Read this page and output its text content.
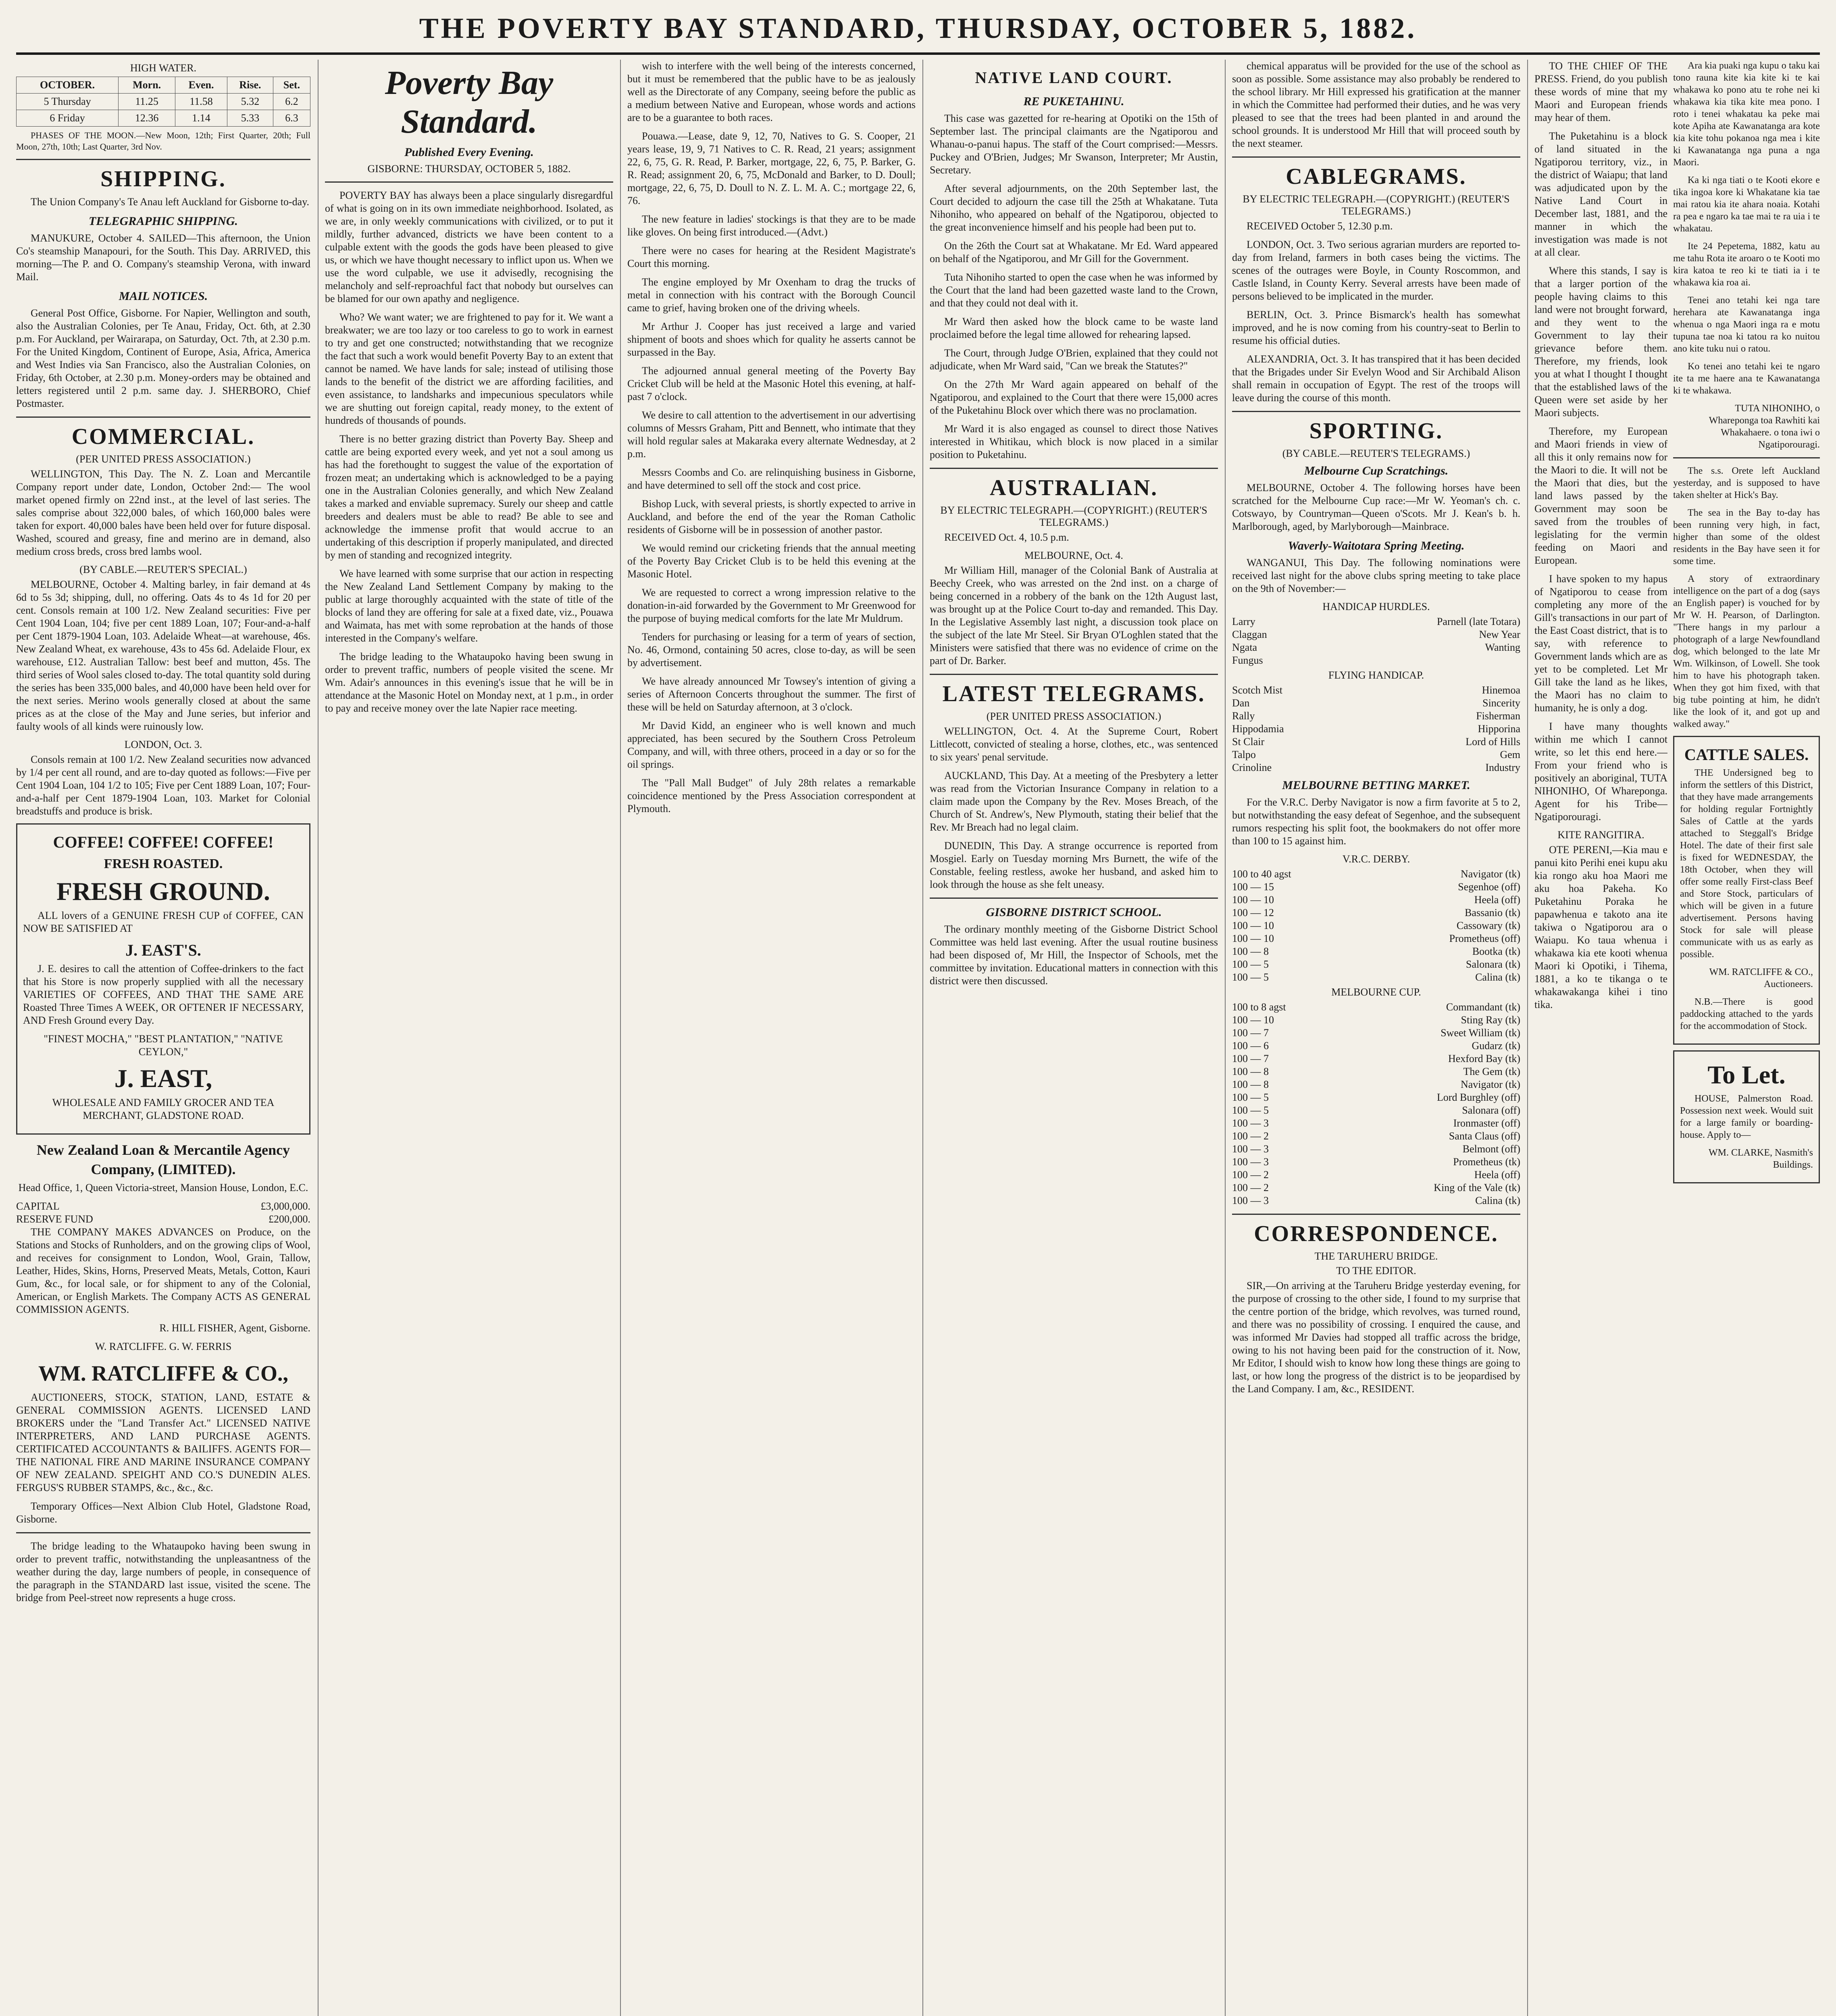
THE POVERTY BAY STANDARD, THURSDAY, OCTOBER 5, 1882.
HIGH WATER.
OCTOBER.	Morn.	Even.	Rise.	Set.
5 Thursday	11.25	11.58	5.32	6.2
6 Friday	12.36	1.14	5.33	6.3

PHASES OF THE MOON.—New Moon, 12th; First Quarter, 20th; Full Moon, 27th, 10th; Last Quarter, 3rd Nov.

SHIPPING.

The Union Company's Te Anau left Auckland for Gisborne to-day.

TELEGRAPHIC SHIPPING.

MANUKURE, October 4. SAILED—This afternoon, the Union Co's steamship Manapouri, for the South. This Day. ARRIVED, this morning—The P. and O. Company's steamship Verona, with inward Mail.

MAIL NOTICES.

General Post Office, Gisborne. For Napier, Wellington and south, also the Australian Colonies, per Te Anau, Friday, Oct. 6th, at 2.30 p.m. For Auckland, per Wairarapa, on Saturday, Oct. 7th, at 2.30 p.m. For the United Kingdom, Continent of Europe, Asia, Africa, America and West Indies via San Francisco, also the Australian Colonies, on Friday, 6th October, at 2.30 p.m. Money-orders may be obtained and letters registered until 2 p.m. same day. J. SHERBORO, Chief Postmaster.

COMMERCIAL.
(PER UNITED PRESS ASSOCIATION.)

WELLINGTON, This Day. The N. Z. Loan and Mercantile Company report under date, London, October 2nd:— The wool market opened firmly on 22nd inst., at the level of last series. The sales comprise about 322,000 bales, of which 160,000 bales were taken for export. 40,000 bales have been held over for future disposal. Washed, scoured and greasy, fine and merino are in demand, also medium cross breds, cross bred lambs wool.

(BY CABLE.—REUTER'S SPECIAL.)

MELBOURNE, October 4. Malting barley, in fair demand at 4s 6d to 5s 3d; shipping, dull, no offering. Oats 4s to 4s 1d for 20 per cent. Consols remain at 100 1/2. New Zealand securities: Five per Cent 1904 Loan, 104; five per cent 1889 Loan, 107; Four-and-a-half per Cent 1879-1904 Loan, 103. Adelaide Wheat—at warehouse, 46s. New Zealand Wheat, ex warehouse, 43s to 45s 6d. Adelaide Flour, ex warehouse, £12. Australian Tallow: best beef and mutton, 45s. The third series of Wool sales closed to-day. The total quantity sold during the series has been 335,000 bales, and 40,000 have been held over for the next series. Merino wools generally closed at about the same prices as at the close of the May and June series, but inferior and faulty wools of all kinds were ruinously low.

LONDON, Oct. 3.

Consols remain at 100 1/2. New Zealand securities now advanced by 1/4 per cent all round, and are to-day quoted as follows:—Five per Cent 1904 Loan, 104 1/2 to 105; Five per Cent 1889 Loan, 107; Four-and-a-half per Cent 1879-1904 Loan, 103. Market for Colonial breadstuffs and produce is brisk.

COFFEE! COFFEE! COFFEE!
FRESH ROASTED.
FRESH GROUND.

ALL lovers of a GENUINE FRESH CUP of COFFEE, CAN NOW BE SATISFIED AT

J. EAST'S.

J. E. desires to call the attention of Coffee-drinkers to the fact that his Store is now properly supplied with all the necessary VARIETIES OF COFFEES, AND THAT THE SAME ARE Roasted Three Times A WEEK, OR OFTENER IF NECESSARY, AND Fresh Ground every Day.

"FINEST MOCHA," "BEST PLANTATION," "NATIVE CEYLON,"

J. EAST,

WHOLESALE AND FAMILY GROCER AND TEA MERCHANT, GLADSTONE ROAD.

New Zealand Loan & Mercantile Agency Company, (LIMITED).

Head Office, 1, Queen Victoria-street, Mansion House, London, E.C.

CAPITAL	£3,000,000.
RESERVE FUND	£200,000.

THE COMPANY MAKES ADVANCES on Produce, on the Stations and Stocks of Runholders, and on the growing clips of Wool, and receives for consignment to London, Wool, Grain, Tallow, Leather, Hides, Skins, Horns, Preserved Meats, Metals, Cotton, Kauri Gum, &c., for local sale, or for shipment to any of the Colonial, American, or English Markets. The Company ACTS AS GENERAL COMMISSION AGENTS.

R. HILL FISHER, Agent, Gisborne.

W. RATCLIFFE. G. W. FERRIS

WM. RATCLIFFE & CO.,

AUCTIONEERS, STOCK, STATION, LAND, ESTATE & GENERAL COMMISSION AGENTS. LICENSED LAND BROKERS under the "Land Transfer Act." LICENSED NATIVE INTERPRETERS, AND LAND PURCHASE AGENTS. CERTIFICATED ACCOUNTANTS & BAILIFFS. AGENTS FOR— THE NATIONAL FIRE AND MARINE INSURANCE COMPANY OF NEW ZEALAND. SPEIGHT AND CO.'S DUNEDIN ALES. FERGUS'S RUBBER STAMPS, &c., &c., &c.

Temporary Offices—Next Albion Club Hotel, Gladstone Road, Gisborne.

The bridge leading to the Whataupoko having been swung in order to prevent traffic, notwithstanding the unpleasantness of the weather during the day, large numbers of people, in consequence of the paragraph in the STANDARD last issue, visited the scene. The bridge from Peel-street now represents a huge cross.

Poverty Bay Standard.
Published Every Evening.
GISBORNE: THURSDAY, OCTOBER 5, 1882.

POVERTY BAY has always been a place singularly disregardful of what is going on in its own immediate neighborhood. Isolated, as we are, in only weekly communications with civilized, or to put it mildly, further advanced, districts we have been content to a culpable extent with the goods the gods have been pleased to give us, or which we have thought necessary to inflict upon us. When we use the word culpable, we use it advisedly, recognising the melancholy and self-reproachful fact that nobody but ourselves can be blamed for our own apathy and negligence.

Who? We want water; we are frightened to pay for it. We want a breakwater; we are too lazy or too careless to go to work in earnest to try and get one constructed; notwithstanding that we recognize the fact that such a work would benefit Poverty Bay to an extent that cannot be named. We have lands for sale; instead of utilising those lands to the benefit of the district we are affording facilities, and even assistance, to landsharks and impecunious speculators while we are shutting out foreign capital, ready money, to the extent of hundreds of thousands of pounds.

There is no better grazing district than Poverty Bay. Sheep and cattle are being exported every week, and yet not a soul among us has had the forethought to suggest the value of the exportation of frozen meat; an undertaking which is acknowledged to be a paying one in the Australian Colonies generally, and which New Zealand takes a marked and enviable supremacy. Surely our sheep and cattle breeders and dealers must be able to read? Be able to see and acknowledge the immense profit that would accrue to an undertaking of this description if properly manipulated, and directed by men of standing and recognized integrity.

We have learned with some surprise that our action in respecting the New Zealand Land Settlement Company by making to the public at large thoroughly acquainted with the state of title of the blocks of land they are offering for sale at a fixed date, viz., Pouawa and Waimata, has met with some reprobation at the hands of those interested in the Company's welfare.

The bridge leading to the Whataupoko having been swung in order to prevent traffic, numbers of people visited the scene. Mr Wm. Adair's announces in this evening's issue that he will be in attendance at the Masonic Hotel on Monday next, at 1 p.m., in order to pay and receive money over the late Napier race meeting.

wish to interfere with the well being of the interests concerned, but it must be remembered that the public have to be as jealously well as the Directorate of any Company, seeing before the public as a medium between Native and European, whose words and actions are to be a guarantee to both races.

Pouawa.—Lease, date 9, 12, 70, Natives to G. S. Cooper, 21 years lease, 19, 9, 71 Natives to C. R. Read, 21 years; assignment 22, 6, 75, G. R. Read, P. Barker, mortgage, 22, 6, 75, P. Barker, G. R. Read; assignment 20, 6, 75, McDonald and Barker, to D. Doull; mortgage, 22, 6, 75, D. Doull to N. Z. L. M. A. C.; mortgage 22, 6, 76.

The new feature in ladies' stockings is that they are to be made like gloves. On being first introduced.—(Advt.)

There were no cases for hearing at the Resident Magistrate's Court this morning.

The engine employed by Mr Oxenham to drag the trucks of metal in connection with his contract with the Borough Council came to grief, having broken one of the driving wheels.

Mr Arthur J. Cooper has just received a large and varied shipment of boots and shoes which for quality he asserts cannot be surpassed in the Bay.

The adjourned annual general meeting of the Poverty Bay Cricket Club will be held at the Masonic Hotel this evening, at half-past 7 o'clock.

We desire to call attention to the advertisement in our advertising columns of Messrs Graham, Pitt and Bennett, who intimate that they will hold regular sales at Makaraka every alternate Wednesday, at 2 p.m.

Messrs Coombs and Co. are relinquishing business in Gisborne, and have determined to sell off the stock and cost price.

Bishop Luck, with several priests, is shortly expected to arrive in Auckland, and before the end of the year the Roman Catholic residents of Gisborne will be in possession of another pastor.

We would remind our cricketing friends that the annual meeting of the Poverty Bay Cricket Club is to be held this evening at the Masonic Hotel.

We are requested to correct a wrong impression relative to the donation-in-aid forwarded by the Government to Mr Greenwood for the purpose of buying medical comforts for the late Mr Muldrum.

Tenders for purchasing or leasing for a term of years of section, No. 46, Ormond, containing 50 acres, close to-day, as will be seen by advertisement.

We have already announced Mr Towsey's intention of giving a series of Afternoon Concerts throughout the summer. The first of these will be held on Saturday afternoon, at 3 o'clock.

Mr David Kidd, an engineer who is well known and much appreciated, has been secured by the Southern Cross Petroleum Company, and will, with three others, proceed in a day or so for the oil springs.

The "Pall Mall Budget" of July 28th relates a remarkable coincidence mentioned by the Press Association correspondent at Plymouth.

NATIVE LAND COURT.
RE PUKETAHINU.

This case was gazetted for re-hearing at Opotiki on the 15th of September last. The principal claimants are the Ngatiporou and Whanau-o-panui hapus. The staff of the Court comprised:—Messrs. Puckey and O'Brien, Judges; Mr Swanson, Interpreter; Mr Austin, Secretary.

After several adjournments, on the 20th September last, the Court decided to adjourn the case till the 25th at Whakatane. Tuta Nihoniho, who appeared on behalf of the Ngatiporou, objected to the great inconvenience himself and his people had been put to.

On the 26th the Court sat at Whakatane. Mr Ed. Ward appeared on behalf of the Ngatiporou, and Mr Gill for the Government.

Tuta Nihoniho started to open the case when he was informed by the Court that the land had been gazetted waste land to the Crown, and that they could not deal with it.

Mr Ward then asked how the block came to be waste land proclaimed before the legal time allowed for rehearing lapsed.

The Court, through Judge O'Brien, explained that they could not adjudicate, when Mr Ward said, "Can we break the Statutes?"

On the 27th Mr Ward again appeared on behalf of the Ngatiporou, and explained to the Court that there were 15,000 acres of the Puketahinu Block over which there was no proclamation.

Mr Ward it is also engaged as counsel to direct those Natives interested in Whitikau, which block is now placed in a similar position to Puketahinu.

AUSTRALIAN.
BY ELECTRIC TELEGRAPH.—(COPYRIGHT.) (REUTER'S TELEGRAMS.)

RECEIVED Oct. 4, 10.5 p.m.

MELBOURNE, Oct. 4.

Mr William Hill, manager of the Colonial Bank of Australia at Beechy Creek, who was arrested on the 2nd inst. on a charge of being concerned in a robbery of the bank on the 12th August last, was brought up at the Police Court to-day and remanded. This Day. In the Legislative Assembly last night, a discussion took place on the subject of the late Mr Steel. Sir Bryan O'Loghlen stated that the Ministers were satisfied that there was no evidence of crime on the part of Dr. Barker.

LATEST TELEGRAMS.
(PER UNITED PRESS ASSOCIATION.)

WELLINGTON, Oct. 4. At the Supreme Court, Robert Littlecott, convicted of stealing a horse, clothes, etc., was sentenced to six years' penal servitude.

AUCKLAND, This Day. At a meeting of the Presbytery a letter was read from the Victorian Insurance Company in relation to a claim made upon the Company by the Rev. Moses Breach, of the Church of St. Andrew's, New Plymouth, stating their belief that the Rev. Mr Breach had no legal claim.

DUNEDIN, This Day. A strange occurrence is reported from Mosgiel. Early on Tuesday morning Mrs Burnett, the wife of the Constable, feeling restless, awoke her husband, and asked him to look through the house as she felt uneasy.

GISBORNE DISTRICT SCHOOL.

The ordinary monthly meeting of the Gisborne District School Committee was held last evening. After the usual routine business had been disposed of, Mr Hill, the Inspector of Schools, met the committee by invitation. Educational matters in connection with this district were then discussed.

chemical apparatus will be provided for the use of the school as soon as possible. Some assistance may also probably be rendered to the school library. Mr Hill expressed his gratification at the manner in which the Committee had performed their duties, and he was very pleased to see that the trees had been planted in and around the school grounds. It is understood Mr Hill that will proceed south by the next steamer.

CABLEGRAMS.
BY ELECTRIC TELEGRAPH.—(COPYRIGHT.) (REUTER'S TELEGRAMS.)

RECEIVED October 5, 12.30 p.m.

LONDON, Oct. 3. Two serious agrarian murders are reported to-day from Ireland, farmers in both cases being the victims. The scenes of the outrages were Boyle, in County Roscommon, and Castle Island, in County Kerry. Several arrests have been made of persons believed to be implicated in the murder.

BERLIN, Oct. 3. Prince Bismarck's health has somewhat improved, and he is now coming from his country-seat to Berlin to resume his official duties.

ALEXANDRIA, Oct. 3. It has transpired that it has been decided that the Brigades under Sir Evelyn Wood and Sir Archibald Alison shall remain in occupation of Egypt. The rest of the troops will leave during the course of this month.

SPORTING.
(BY CABLE.—REUTER'S TELEGRAMS.)
Melbourne Cup Scratchings.

MELBOURNE, October 4. The following horses have been scratched for the Melbourne Cup race:—Mr W. Yeoman's ch. c. Cotswayo, by Countryman—Queen o'Scots. Mr J. Kean's b. h. Marlborough, aged, by Marlyborough—Mainbrace.

Waverly-Waitotara Spring Meeting.

WANGANUI, This Day. The following nominations were received last night for the above clubs spring meeting to take place on the 9th of November:—

HANDICAP HURDLES.
Larry	Parnell (late Totara)
Claggan	New Year
Ngata	Wanting
Fungus
FLYING HANDICAP.
Scotch Mist	Hinemoa
Dan	Sincerity
Rally	Fisherman
Hippodamia	Hipporina
St Clair	Lord of Hills
Talpo	Gem
Crinoline	Industry
MELBOURNE BETTING MARKET.

For the V.R.C. Derby Navigator is now a firm favorite at 5 to 2, but notwithstanding the easy defeat of Segenhoe, and the subsequent rumors respecting his split foot, the bookmakers do not offer more than 100 to 15 against him.

V.R.C. DERBY.
100 to 40 agst	Navigator (tk)
100 — 15	Segenhoe (off)
100 — 10	Heela (off)
100 — 12	Bassanio (tk)
100 — 10	Cassowary (tk)
100 — 10	Prometheus (off)
100 — 8	Bootka (tk)
100 — 5	Salonara (tk)
100 — 5	Calina (tk)
MELBOURNE CUP.
100 to 8 agst	Commandant (tk)
100 — 10	Sting Ray (tk)
100 — 7	Sweet William (tk)
100 — 6	Gudarz (tk)
100 — 7	Hexford Bay (tk)
100 — 8	The Gem (tk)
100 — 8	Navigator (tk)
100 — 5	Lord Burghley (off)
100 — 5	Salonara (off)
100 — 3	Ironmaster (off)
100 — 2	Santa Claus (off)
100 — 3	Belmont (off)
100 — 3	Prometheus (tk)
100 — 2	Heela (off)
100 — 2	King of the Vale (tk)
100 — 3	Calina (tk)
CORRESPONDENCE.
THE TARUHERU BRIDGE.
TO THE EDITOR.

SIR,—On arriving at the Taruheru Bridge yesterday evening, for the purpose of crossing to the other side, I found to my surprise that the centre portion of the bridge, which revolves, was turned round, and there was no possibility of crossing. I enquired the cause, and was informed Mr Davies had stopped all traffic across the bridge, owing to his not having been paid for the construction of it. Now, Mr Editor, I should wish to know how long these things are going to last, or how long the progress of the district is to be jeopardised by the Land Company. I am, &c., RESIDENT.

TO THE CHIEF OF THE PRESS. Friend, do you publish these words of mine that my Maori and European friends may hear of them.

The Puketahinu is a block of land situated in the Ngatiporou territory, viz., in the district of Waiapu; that land was adjudicated upon by the Native Land Court in December last, 1881, and the manner in which the investigation was made is not at all clear.

Where this stands, I say is that a larger portion of the people having claims to this land were not brought forward, and they went to the Government to lay their grievance before them. Therefore, my friends, look you at what I thought I thought that the established laws of the Queen were set aside by her Maori subjects.

Therefore, my European and Maori friends in view of all this it only remains now for the Maori to die. It will not be the Maori that dies, but the land laws passed by the Government may soon be saved from the troubles of legislating for the vermin feeding on Maori and European.

I have spoken to my hapus of Ngatiporou to cease from completing any more of the Gill's transactions in our part of the East Coast district, that is to say, with reference to Government lands which are as yet to be completed. Let Mr Gill take the land as he likes, the Maori has no claim to humanity, he is only a dog.

I have many thoughts within me which I cannot write, so let this end here.—From your friend who is positively an aboriginal, TUTA NIHONIHO, Of Whareponga. Agent for his Tribe—Ngatiporouragi.

KITE RANGITIRA.

OTE PERENI,—Kia mau e panui kito Perihi enei kupu aku kia rongo aku hoa Maori me aku hoa Pakeha. Ko Puketahinu Poraka he papawhenua e takoto ana ite takiwa o Ngatiporou ara o Waiapu. Ko taua whenua i whakawa kia ete kooti whenua Maori ki Opotiki, i Tihema, 1881, a ko te tikanga o te whakawakanga kihei i tino tika.

Ara kia puaki nga kupu o taku kai tono rauna kite kia kite ki te kai whakawa ko pono atu te rohe nei ki whakawa kia tika kite mea pono. I roto i tenei whakatau ka peke mai kote Apiha ate Kawanatanga ara kote kia kite tohu pokanoa nga mea i kite ki Kawanatanga nga puna a nga Maori.

Ka ki nga tiati o te Kooti ekore e tika ingoa kore ki Whakatane kia tae mai ratou kia ite ahara noaia. Kotahi ra pea e ngaro ka tae mai te ra uia i te whakatau.

Ite 24 Pepetema, 1882, katu au me tahu Rota ite aroaro o te Kooti mo kira katoa te reo ki te tiati ia i te whakawa kia roa ai.

Tenei ano tetahi kei nga tare herehara ate Kawanatanga inga whenua o nga Maori inga ra e motu tupuna tae noa ki tatou ra ko nuitou ano kite tuku nui o ratou.

Ko tenei ano tetahi kei te ngaro ite ta me haere ana te Kawanatanga ki te whakawa.

TUTA NIHONIHO, o Whareponga toa Rawhiti kai Whakahaere. o tona iwi o Ngatiporouragi.

The s.s. Orete left Auckland yesterday, and is supposed to have taken shelter at Hick's Bay.

The sea in the Bay to-day has been running very high, in fact, higher than some of the oldest residents in the Bay have seen it for some time.

A story of extraordinary intelligence on the part of a dog (says an English paper) is vouched for by Mr W. H. Pearson, of Darlington. "There hangs in my parlour a photograph of a large Newfoundland dog, which belonged to the late Mr Wm. Wilkinson, of Lowell. She took him to have his photograph taken. When they got him fixed, with that big tube pointing at him, he didn't like the look of it, and got up and walked away."

CATTLE SALES.

THE Undersigned beg to inform the settlers of this District, that they have made arrangements for holding regular Fortnightly Sales of Cattle at the yards attached to Steggall's Bridge Hotel. The date of their first sale is fixed for WEDNESDAY, the 18th October, when they will offer some really First-class Beef and Store Stock, particulars of which will be given in a future advertisement. Persons having Stock for sale will please communicate with us as early as possible.

WM. RATCLIFFE & CO., Auctioneers.

N.B.—There is good paddocking attached to the yards for the accommodation of Stock.

To Let.

HOUSE, Palmerston Road. Possession next week. Would suit for a large family or boarding-house. Apply to—

WM. CLARKE, Nasmith's Buildings.
